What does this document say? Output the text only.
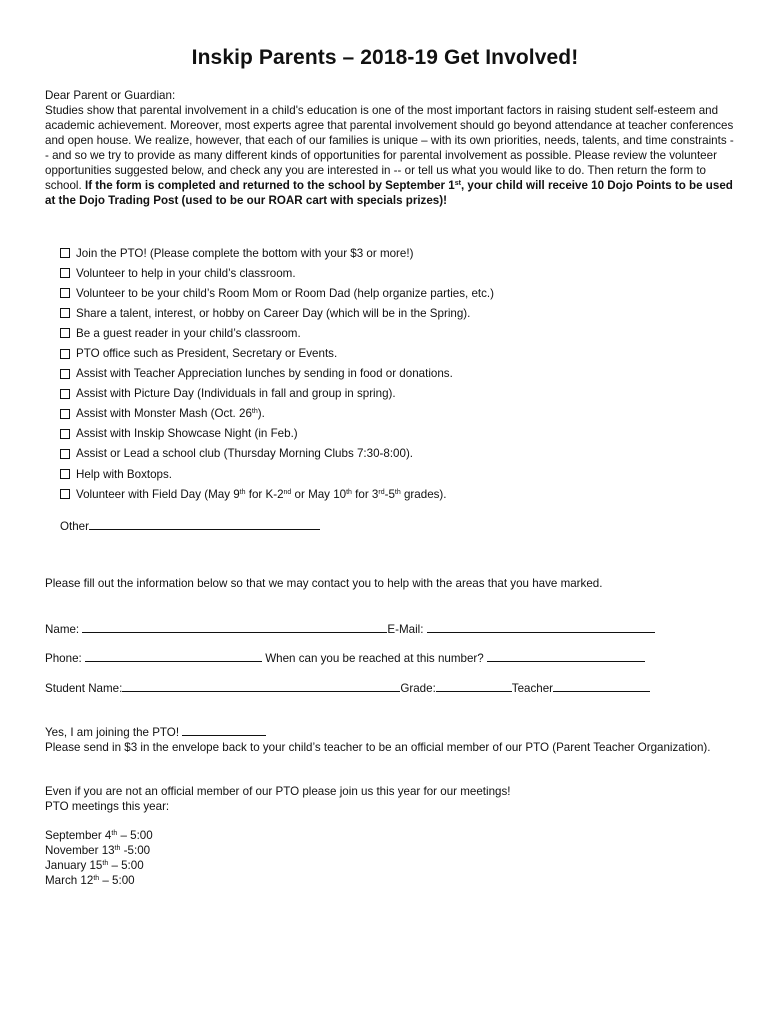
Inskip Parents – 2018-19 Get Involved!

Dear Parent or Guardian:

Studies show that parental involvement in a child's education is one of the most important factors in raising student self-esteem and academic achievement. Moreover, most experts agree that parental involvement should go beyond attendance at teacher conferences and open house. We realize, however, that each of our families is unique – with its own priorities, needs, talents, and time constraints -- and so we try to provide as many different kinds of opportunities for parental involvement as possible. Please review the volunteer opportunities suggested below, and check any you are interested in -- or tell us what you would like to do. Then return the form to school. If the form is completed and returned to the school by September 1st, your child will receive 10 Dojo Points to be used at the Dojo Trading Post (used to be our ROAR cart with specials prizes)!

Join the PTO! (Please complete the bottom with your $3 or more!)
Volunteer to help in your child’s classroom.
Volunteer to be your child’s Room Mom or Room Dad (help organize parties, etc.)
Share a talent, interest, or hobby on Career Day (which will be in the Spring).
Be a guest reader in your child’s classroom.
PTO office such as President, Secretary or Events.
Assist with Teacher Appreciation lunches by sending in food or donations.
Assist with Picture Day (Individuals in fall and group in spring).
Assist with Monster Mash (Oct. 26th).
Assist with Inskip Showcase Night (in Feb.)
Assist or Lead a school club (Thursday Morning Clubs 7:30-8:00).
Help with Boxtops.
Volunteer with Field Day (May 9th for K-2nd or May 10th for 3rd-5th grades).
Other
Please fill out the information below so that we may contact you to help with the areas that you have marked.
Name:	E-Mail:
Phone:	When can you be reached at this number?
Student Name:	Grade:	Teacher
Yes, I am joining the PTO!
Please send in $3 in the envelope back to your child’s teacher to be an official member of our PTO (Parent Teacher Organization).
Even if you are not an official member of our PTO please join us this year for our meetings!
PTO meetings this year:
September 4th – 5:00
November 13th -5:00
January 15th – 5:00
March 12th – 5:00
